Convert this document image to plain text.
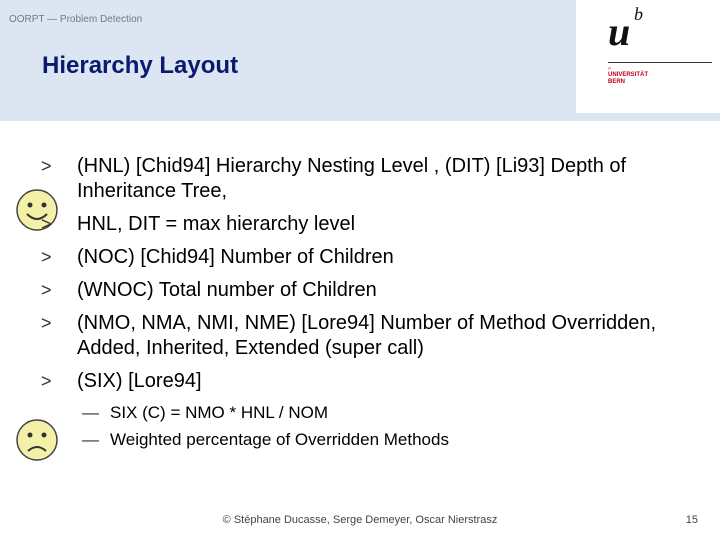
OORPT — Problem Detection
Hierarchy Layout
u b
>
UNIVERSITÄT
BERN
> (HNL) [Chid94] Hierarchy Nesting Level , (DIT) [Li93] Depth of Inheritance Tree,
> HNL, DIT = max hierarchy level
> (NOC) [Chid94] Number of Children
> (WNOC) Total number of Children
> (NMO, NMA, NMI, NME) [Lore94] Number of Method Overridden, Added, Inherited, Extended (super call)
> (SIX) [Lore94]
— SIX (C) = NMO * HNL / NOM
— Weighted percentage of Overridden Methods
© Stéphane Ducasse, Serge Demeyer, Oscar Nierstrasz	15
